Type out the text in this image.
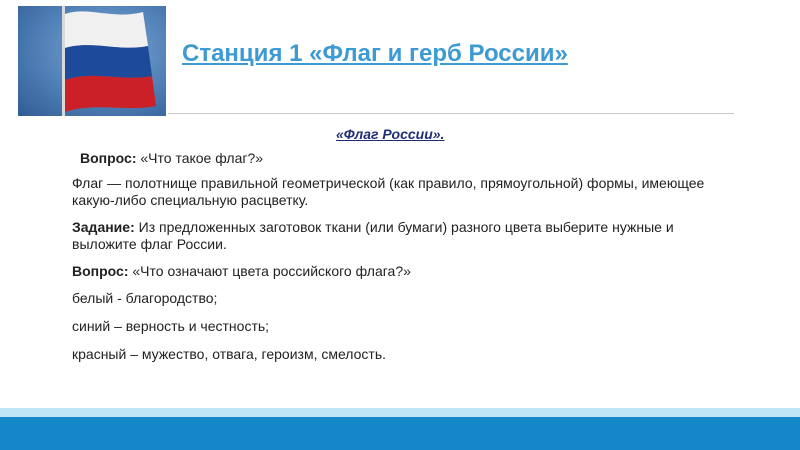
Станция 1 «Флаг и герб России»
«Флаг России».

Вопрос: «Что такое флаг?»

Флаг — полотнище правильной геометрической (как правило, прямоугольной) формы, имеющее какую-либо специальную расцветку.

Задание: Из предложенных заготовок ткани (или бумаги) разного цвета выберите нужные и выложите флаг России.

Вопрос: «Что означают цвета российского флага?»

белый - благородство;

синий – верность и честность;

красный – мужество, отвага, героизм, смелость.
